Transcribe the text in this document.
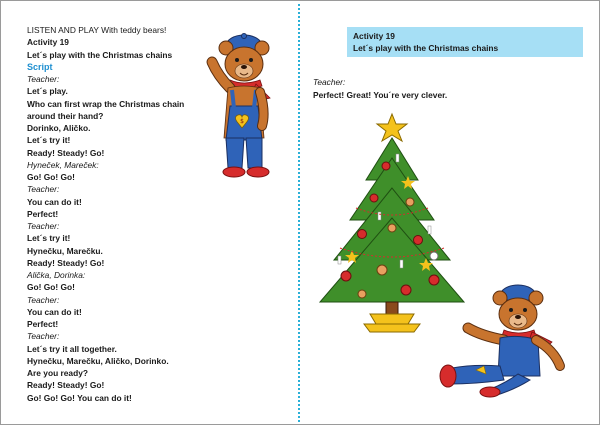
LISTEN AND PLAY With teddy bears!
Activity 19
Let´s play with the Christmas chains
Script
Teacher:
Let´s play.
Who can first wrap the Christmas chain
around their hand?
Dorinko, Aličko.
Let´s try it!
Ready! Steady! Go!
Hyneček, Mareček:
Go! Go! Go!
Teacher:
You can do it!
Perfect!
Teacher:
Let´s try it!
Hynečku, Marečku.
Ready! Steady! Go!
Alička, Dorinka:
Go! Go! Go!
Teacher:
You can do it!
Perfect!
Teacher:
Let´s try it all together.
Hynečku, Marečku, Aličko, Dorinko.
Are you ready?
Ready! Steady! Go!
Go! Go! Go! You can do it!
Activity 19
Let´s play with the Christmas chains
Teacher:
Perfect! Great! You´re very clever.
$
